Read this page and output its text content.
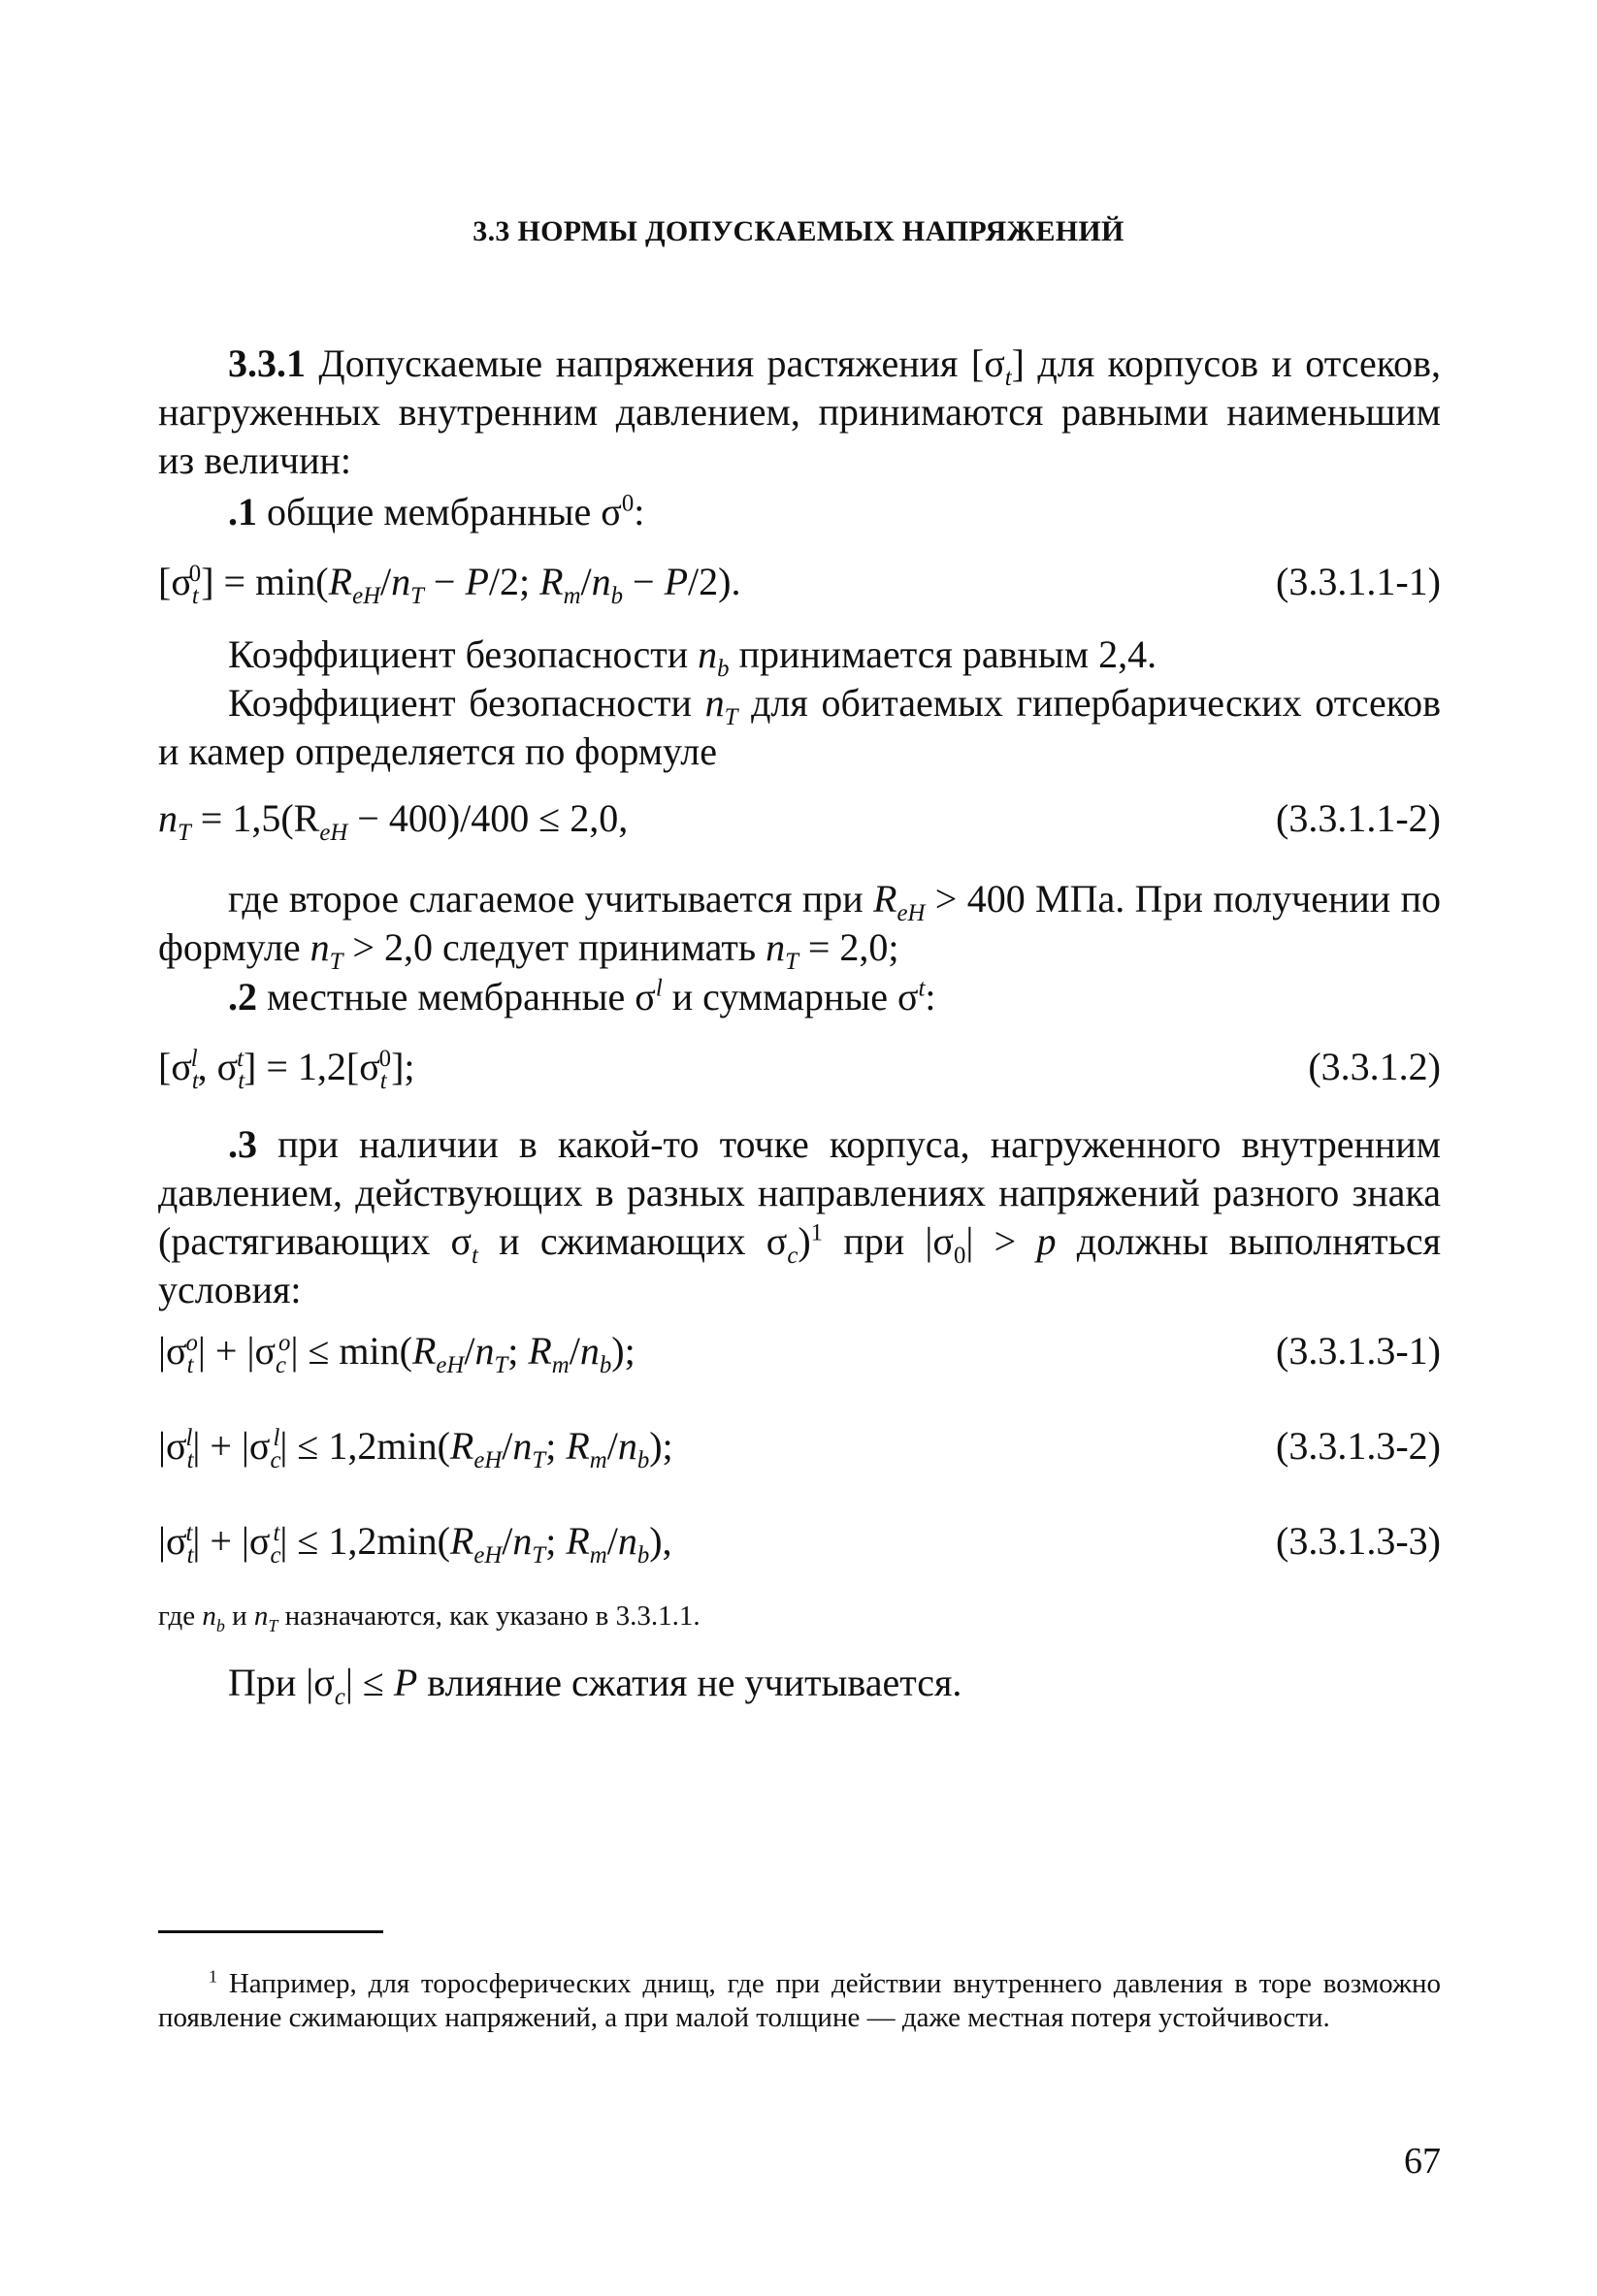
3.3 НОРМЫ ДОПУСКАЕМЫХ НАПРЯЖЕНИЙ

3.3.1 Допускаемые напряжения растяжения $[\sigma_t]$ для корпусов и отсеков, нагруженных внутренним давлением, принимаются равными наименьшим из величин:

.1 общие мембранные $\sigma^0$:
$[\sigma_t^0] = \min(R_{eH}/n_T - P/2$; $R_m/n_b - P/2$).	(3.3.1.1-1)
Коэффициент безопасности $n_b$ принимается равным 2,4.

Коэффициент безопасности $n_T$ для обитаемых гипербарических отсеков и камер определяется по формуле

$n_T = 1,5(R_{eH} - 400)/400 \le 2,0$,	(3.3.1.1-2)

где второе слагаемое учитывается при $R_{eH} > 400$ МПа. При получении по формуле $n_T > 2,0$ следует принимать $n_T = 2,0$;

.2 местные мембранные $\sigma^l$ и суммарные $\sigma^t$:
[$\sigma_t^l$, $\sigma_t^t] = 1,2[\sigma_t^0]$;	(3.3.1.2)

.3 при наличии в какой-то точке корпуса, нагруженного внутренним давлением, действующих в разных направлениях напряжений разного знака (растягивающих $\sigma_t$ и сжимающих $\sigma_c)^1$ при $|\sigma_0| > p$ должны выполняться условия:

$|\sigma_t^o| + |\sigma_c^o| \le \min(R_{eH}/n_T$; $R_m/n_b$);	(3.3.1.3-1)
$|\sigma_t^l| + |\sigma_c^l| \le 1,2\min(R_{eH}/n_T$; $R_m/n_b$);	(3.3.1.3-2)
$|\sigma_t^t| + |\sigma_c^t| \le 1,2\min(R_{eH}/n_T$; $R_m/n_b$),	(3.3.1.3-3)
где $n_b$ и $n_T$ назначаются, как указано в 3.3.1.1.
При $|\sigma_c| \le P$ влияние сжатия не учитывается.

$^1$ Например, для торосферических днищ, где при действии внутреннего давления в торе возможно появление сжимающих напряжений, а при малой толщине — даже местная потеря устойчивости.

67
